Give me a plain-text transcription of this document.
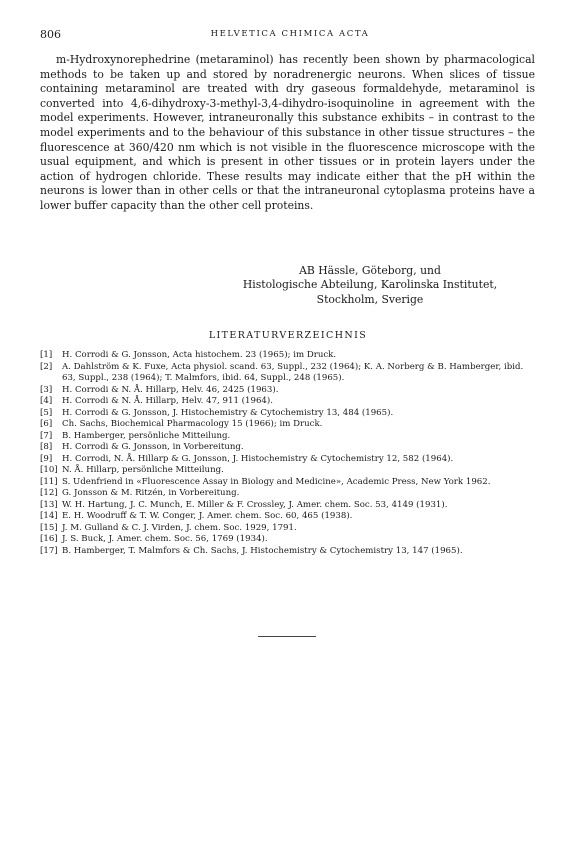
806	HELVETICA CHIMICA ACTA

m-Hydroxynorephedrine (metaraminol) has recently been shown by pharmacological methods to be taken up and stored by noradrenergic neurons. When slices of tissue containing metaraminol are treated with dry gaseous formaldehyde, metaraminol is converted into 4,6-dihydroxy-3-methyl-3,4-dihydro-isoquinoline in agreement with the model experiments. However, intraneuronally this substance exhibits – in contrast to the model experiments and to the behaviour of this substance in other tissue structures – the fluorescence at 360/420 nm which is not visible in the fluorescence microscope with the usual equipment, and which is present in other tissues or in protein layers under the action of hydrogen chloride. These results may indicate either that the pH within the neurons is lower than in other cells or that the intraneuronal cytoplasma proteins have a lower buffer capacity than the other cell proteins.

AB Hässle, Göteborg, und
Histologische Abteilung, Karolinska Institutet,
Stockholm, Sverige
LITERATURVERZEICHNIS
[1] H. Corrodi & G. Jonsson, Acta histochem. 23 (1965); im Druck.
[2] A. Dahlström & K. Fuxe, Acta physiol. scand. 63, Suppl., 232 (1964); K. A. Norberg & B. Hamberger, ibid. 63, Suppl., 238 (1964); T. Malmfors, ibid. 64, Suppl., 248 (1965).
[3] H. Corrodi & N. Å. Hillarp, Helv. 46, 2425 (1963).
[4] H. Corrodi & N. Å. Hillarp, Helv. 47, 911 (1964).
[5] H. Corrodi & G. Jonsson, J. Histochemistry & Cytochemistry 13, 484 (1965).
[6] Ch. Sachs, Biochemical Pharmacology 15 (1966); im Druck.
[7] B. Hamberger, persönliche Mitteilung.
[8] H. Corrodi & G. Jonsson, in Vorbereitung.
[9] H. Corrodi, N. Å. Hillarp & G. Jonsson, J. Histochemistry & Cytochemistry 12, 582 (1964).
[10] N. Å. Hillarp, persönliche Mitteilung.
[11] S. Udenfriend in «Fluorescence Assay in Biology and Medicine», Academic Press, New York 1962.
[12] G. Jonsson & M. Ritzén, in Vorbereitung.
[13] W. H. Hartung, J. C. Munch, E. Miller & F. Crossley, J. Amer. chem. Soc. 53, 4149 (1931).
[14] E. H. Woodruff & T. W. Conger, J. Amer. chem. Soc. 60, 465 (1938).
[15] J. M. Gulland & C. J. Virden, J. chem. Soc. 1929, 1791.
[16] J. S. Buck, J. Amer. chem. Soc. 56, 1769 (1934).
[17] B. Hamberger, T. Malmfors & Ch. Sachs, J. Histochemistry & Cytochemistry 13, 147 (1965).
